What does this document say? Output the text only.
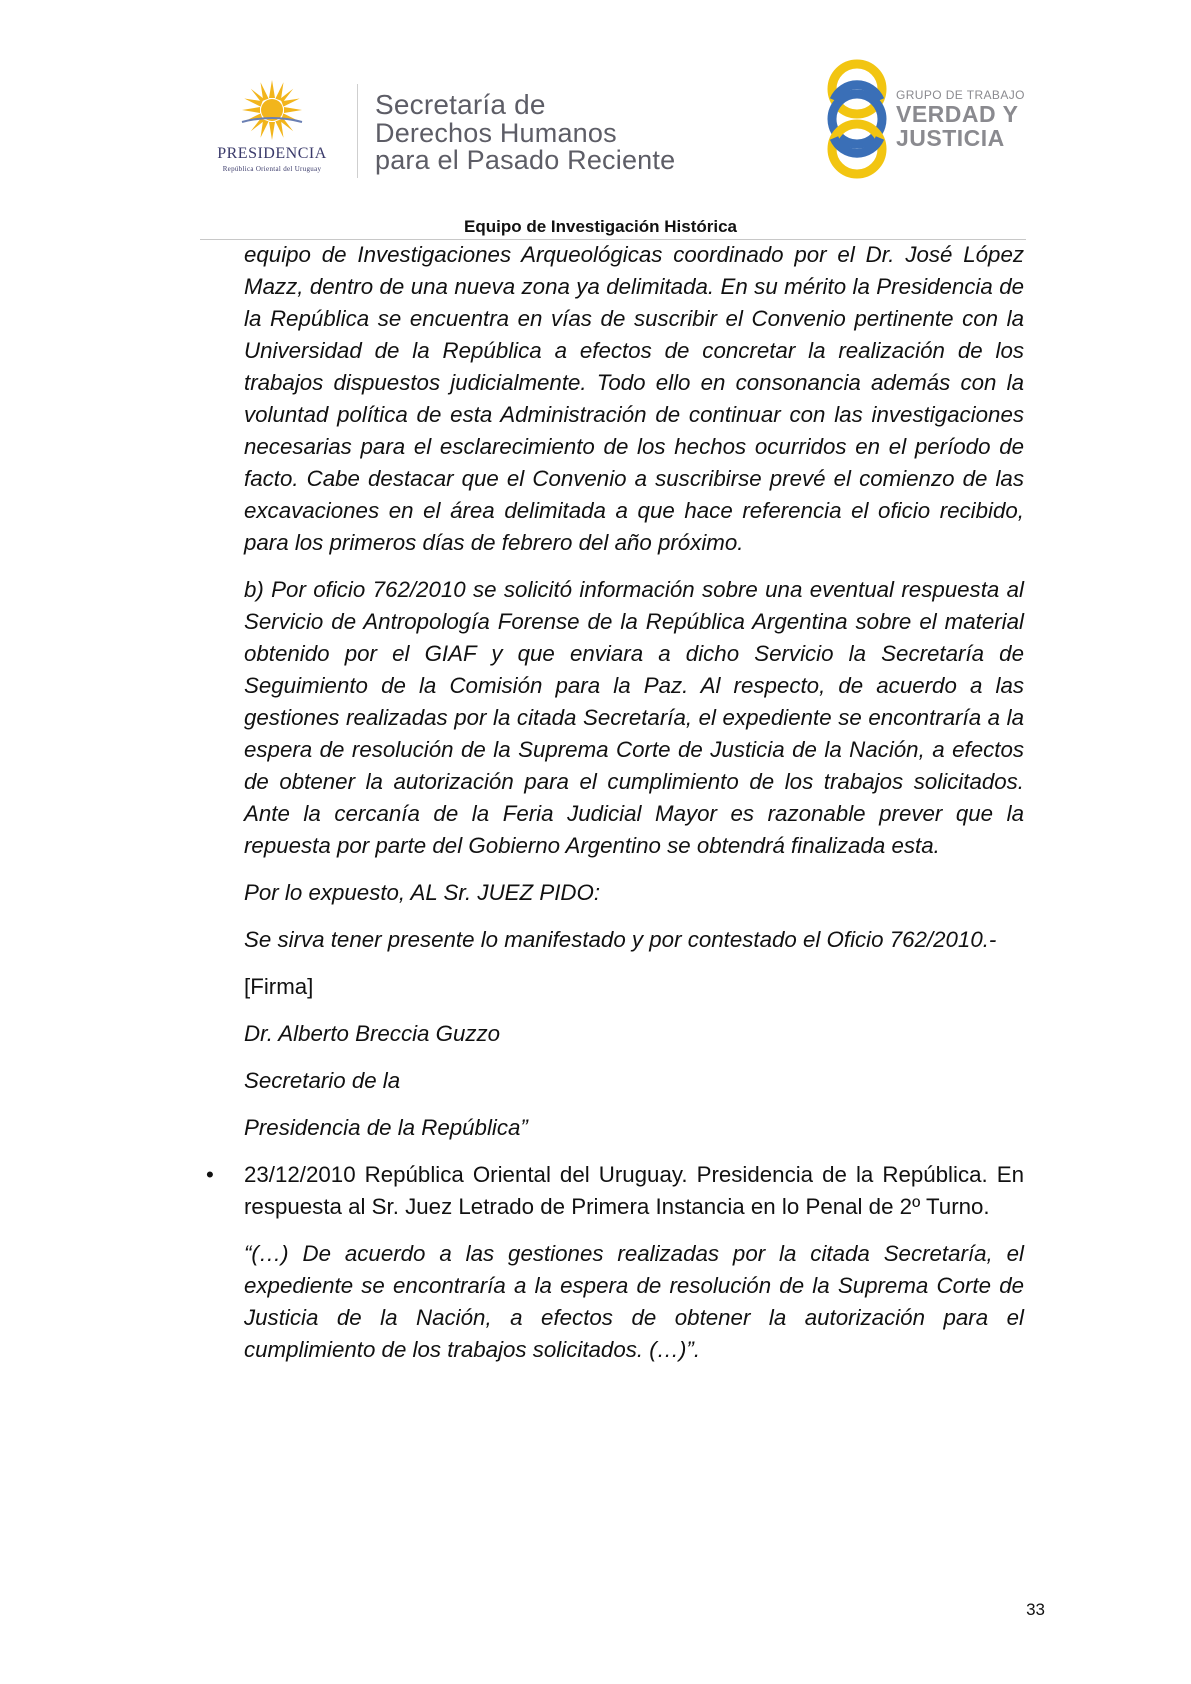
PRESIDENCIA
República Oriental del Uruguay
Secretaría de
Derechos Humanos
para el Pasado Reciente
GRUPO DE TRABAJO
VERDAD Y
JUSTICIA
Equipo de Investigación Histórica

equipo de Investigaciones Arqueológicas coordinado por el Dr. José López Mazz, dentro de una nueva zona ya delimitada. En su mérito la Presidencia de la República se encuentra en vías de suscribir el Convenio pertinente con la Universidad de la República a efectos de concretar la realización de los trabajos dispuestos judicialmente. Todo ello en consonancia además con la voluntad política de esta Administración de continuar con las investigaciones necesarias para el esclarecimiento de los hechos ocurridos en el período de facto. Cabe destacar que el Convenio a suscribirse prevé el comienzo de las excavaciones en el área delimitada a que hace referencia el oficio recibido, para los primeros días de febrero del año próximo.

b) Por oficio 762/2010 se solicitó información sobre una eventual respuesta al Servicio de Antropología Forense de la República Argentina sobre el material obtenido por el GIAF y que enviara a dicho Servicio la Secretaría de Seguimiento de la Comisión para la Paz. Al respecto, de acuerdo a las gestiones realizadas por la citada Secretaría, el expediente se encontraría a la espera de resolución de la Suprema Corte de Justicia de la Nación, a efectos de obtener la autorización para el cumplimiento de los trabajos solicitados. Ante la cercanía de la Feria Judicial Mayor es razonable prever que la repuesta por parte del Gobierno Argentino se obtendrá finalizada esta.

Por lo expuesto, AL Sr. JUEZ PIDO:

Se sirva tener presente lo manifestado y por contestado el Oficio 762/2010.-

[Firma]

Dr. Alberto Breccia Guzzo

Secretario de la

Presidencia de la República”

• 23/12/2010 República Oriental del Uruguay. Presidencia de la República. En respuesta al Sr. Juez Letrado de Primera Instancia en lo Penal de 2º Turno.

“(…) De acuerdo a las gestiones realizadas por la citada Secretaría, el expediente se encontraría a la espera de resolución de la Suprema Corte de Justicia de la Nación, a efectos de obtener la autorización para el cumplimiento de los trabajos solicitados. (…)”.

33
